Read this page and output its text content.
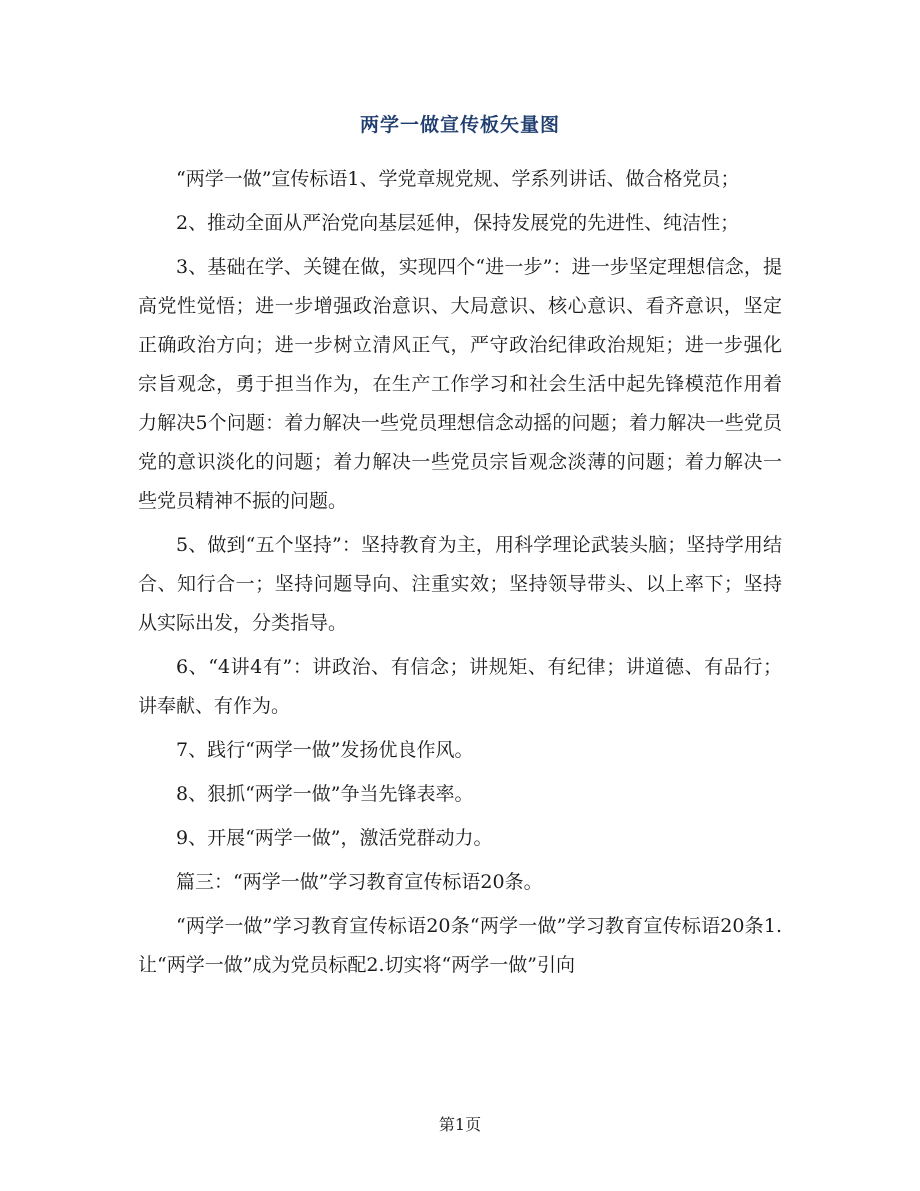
两学一做宣传板矢量图

“两学一做”宣传标语1、学党章规党规、学系列讲话、做合格党员；

2、推动全面从严治党向基层延伸，保持发展党的先进性、纯洁性；

3、基础在学、关键在做，实现四个“进一步”：进一步坚定理想信念，提高党性觉悟；进一步增强政治意识、大局意识、核心意识、看齐意识，坚定正确政治方向；进一步树立清风正气，严守政治纪律政治规矩；进一步强化宗旨观念，勇于担当作为，在生产工作学习和社会生活中起先锋模范作用着力解决5个问题：着力解决一些党员理想信念动摇的问题；着力解决一些党员党的意识淡化的问题；着力解决一些党员宗旨观念淡薄的问题；着力解决一些党员精神不振的问题。

5、做到“五个坚持”：坚持教育为主，用科学理论武装头脑；坚持学用结合、知行合一；坚持问题导向、注重实效；坚持领导带头、以上率下；坚持从实际出发，分类指导。

6、“4讲4有”：讲政治、有信念；讲规矩、有纪律；讲道德、有品行；讲奉献、有作为。

7、践行“两学一做”发扬优良作风。

8、狠抓“两学一做”争当先锋表率。

9、开展“两学一做”，激活党群动力。

篇三：“两学一做”学习教育宣传标语20条。

“两学一做”学习教育宣传标语20条“两学一做”学习教育宣传标语20条1.让“两学一做”成为党员标配2.切实将“两学一做”引向

第1页
